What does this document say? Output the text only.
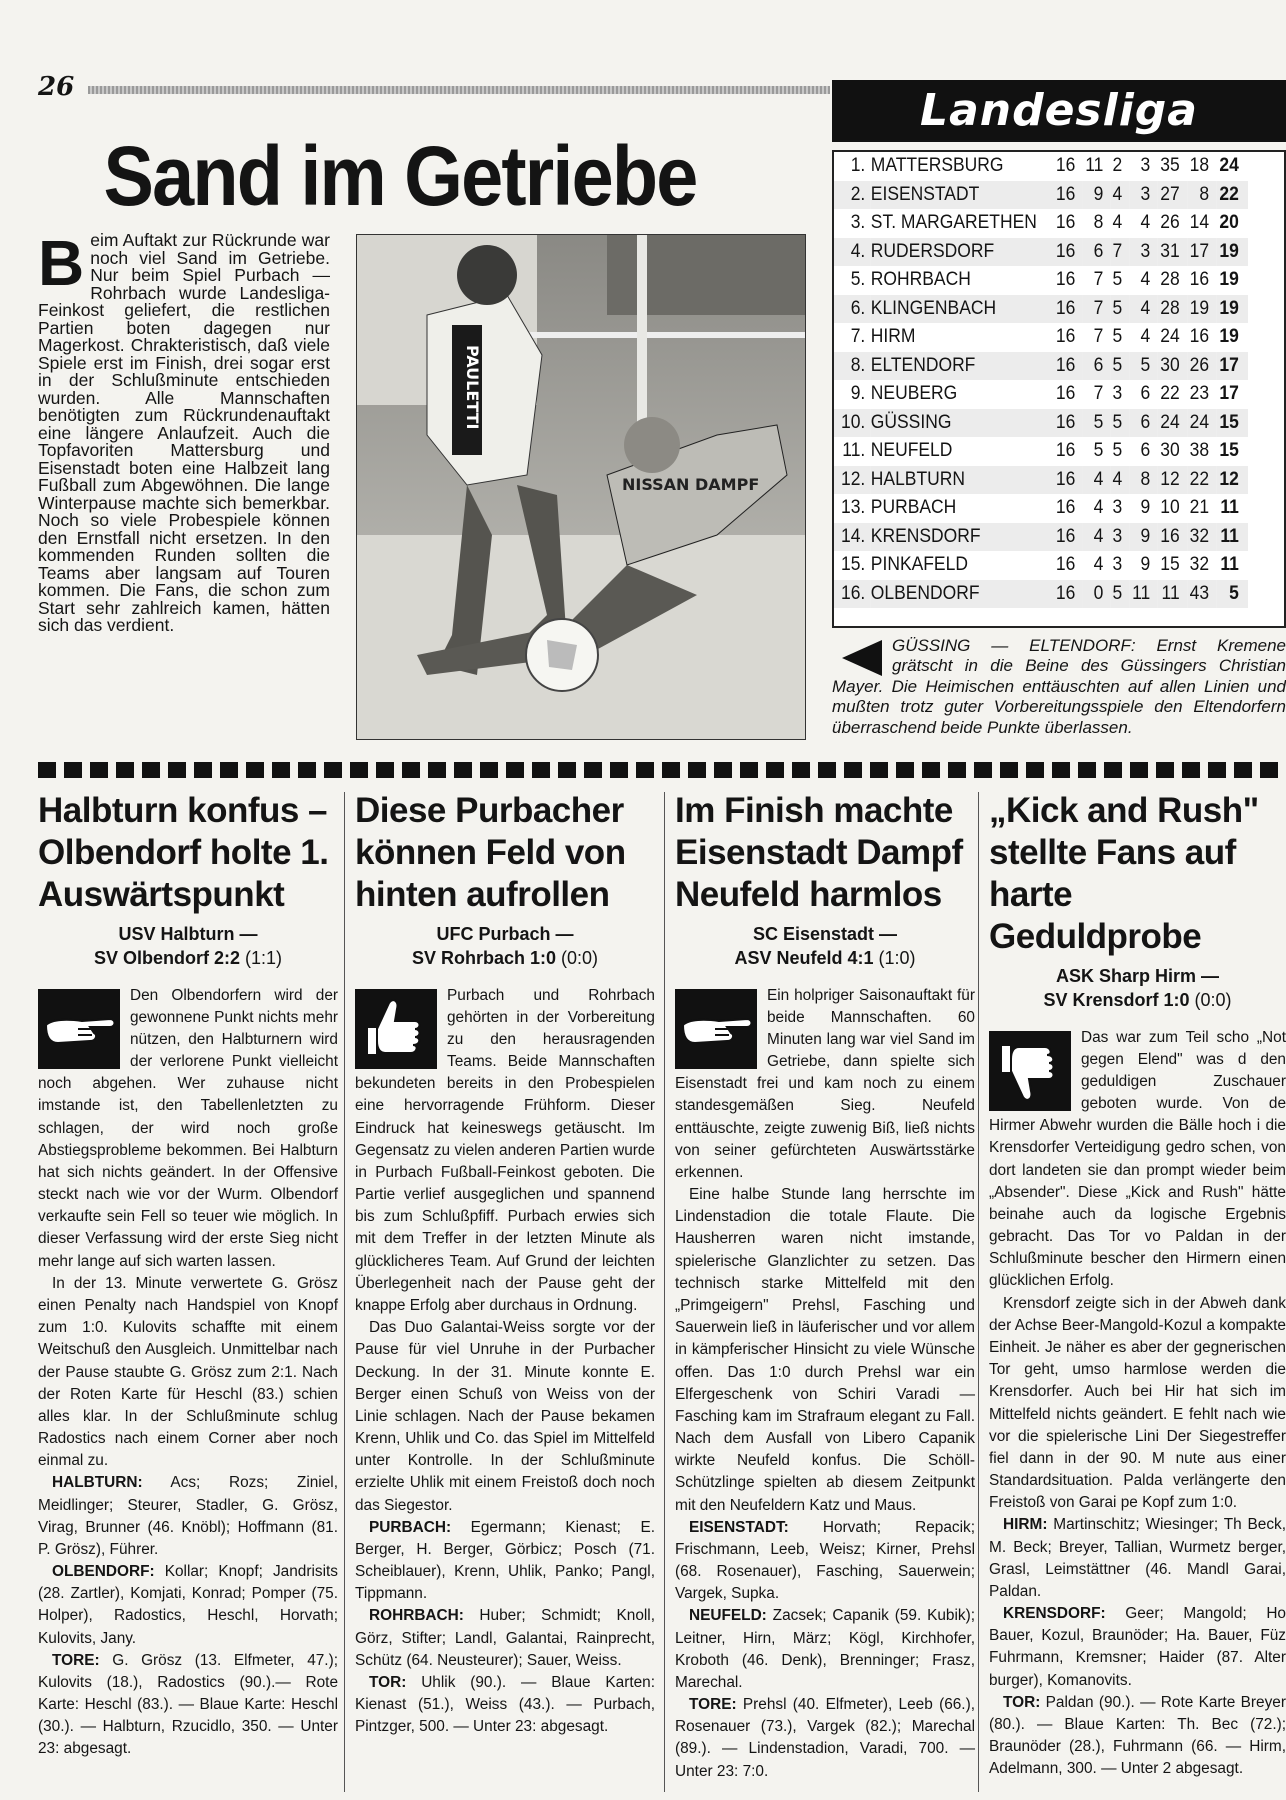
26	Landesliga
Sand im Getriebe

Beim Auftakt zur Rückrunde war noch viel Sand im Getriebe. Nur beim Spiel Purbach — Rohrbach wurde Landesliga-Feinkost geliefert, die restlichen Partien boten dagegen nur Magerkost. Chrakteristisch, daß viele Spiele erst im Finish, drei sogar erst in der Schlußminute entschieden wurden. Alle Mannschaften benötigten zum Rückrundenauftakt eine längere Anlaufzeit. Auch die Topfavoriten Mattersburg und Eisenstadt boten eine Halbzeit lang Fußball zum Abgewöhnen. Die lange Winterpause machte sich bemerkbar. Noch so viele Probespiele können den Ernstfall nicht ersetzen. In den kommenden Runden sollten die Teams aber langsam auf Touren kommen. Die Fans, die schon zum Start sehr zahlreich kamen, hätten sich das verdient.

PAULETTI
NISSAN DAMPF
1.	MATTERSBURG	16	11	2	3	35	18	24
2.	EISENSTADT	16	9	4	3	27	8	22
3.	ST. MARGARETHEN	16	8	4	4	26	14	20
4.	RUDERSDORF	16	6	7	3	31	17	19
5.	ROHRBACH	16	7	5	4	28	16	19
6.	KLINGENBACH	16	7	5	4	28	19	19
7.	HIRM	16	7	5	4	24	16	19
8.	ELTENDORF	16	6	5	5	30	26	17
9.	NEUBERG	16	7	3	6	22	23	17
10.	GÜSSING	16	5	5	6	24	24	15
11.	NEUFELD	16	5	5	6	30	38	15
12.	HALBTURN	16	4	4	8	12	22	12
13.	PURBACH	16	4	3	9	10	21	11
14.	KRENSDORF	16	4	3	9	16	32	11
15.	PINKAFELD	16	4	3	9	15	32	11
16.	OLBENDORF	16	0	5	11	11	43	5
GÜSSING — ELTENDORF: Ernst Kremene grätscht in die Beine des Güssingers Christian Mayer. Die Heimischen enttäuschten auf allen Linien und mußten trotz guter Vorbereitungsspiele den Eltendorfern überraschend beide Punkte überlassen.
Halbturn konfus – Olbendorf holte 1. Auswärtspunkt
USV Halbturn —
SV Olbendorf 2:2 (1:1)

Den Olbendorfern wird der gewonnene Punkt nichts mehr nützen, den Halbturnern wird der verlorene Punkt vielleicht noch abgehen. Wer zuhause nicht imstande ist, den Tabellenletzten zu schlagen, der wird noch große Abstiegsprobleme bekommen. Bei Halbturn hat sich nichts geändert. In der Offensive steckt nach wie vor der Wurm. Olbendorf verkaufte sein Fell so teuer wie möglich. In dieser Verfassung wird der erste Sieg nicht mehr lange auf sich warten lassen.

In der 13. Minute verwertete G. Grösz einen Penalty nach Handspiel von Knopf zum 1:0. Kulovits schaffte mit einem Weitschuß den Ausgleich. Unmittelbar nach der Pause staubte G. Grösz zum 2:1. Nach der Roten Karte für Heschl (83.) schien alles klar. In der Schlußminute schlug Radostics nach einem Corner aber noch einmal zu.

HALBTURN: Acs; Rozs; Ziniel, Meidlinger; Steurer, Stadler, G. Grösz, Virag, Brunner (46. Knöbl); Hoffmann (81. P. Grösz), Führer.

OLBENDORF: Kollar; Knopf; Jandrisits (28. Zartler), Komjati, Konrad; Pomper (75. Holper), Radostics, Heschl, Horvath; Kulovits, Jany.

TORE: G. Grösz (13. Elfmeter, 47.); Kulovits (18.), Radostics (90.).— Rote Karte: Heschl (83.). — Blaue Karte: Heschl (30.). — Halbturn, Rzucidlo, 350. — Unter 23: abgesagt.

Diese Purbacher können Feld von hinten aufrollen
UFC Purbach —
SV Rohrbach 1:0 (0:0)

Purbach und Rohrbach gehörten in der Vorbereitung zu den herausragenden Teams. Beide Mannschaften bekundeten bereits in den Probespielen eine hervorragende Frühform. Dieser Eindruck hat keineswegs getäuscht. Im Gegensatz zu vielen anderen Partien wurde in Purbach Fußball-Feinkost geboten. Die Partie verlief ausgeglichen und spannend bis zum Schlußpfiff. Purbach erwies sich mit dem Treffer in der letzten Minute als glücklicheres Team. Auf Grund der leichten Überlegenheit nach der Pause geht der knappe Erfolg aber durchaus in Ordnung.

Das Duo Galantai-Weiss sorgte vor der Pause für viel Unruhe in der Purbacher Deckung. In der 31. Minute konnte E. Berger einen Schuß von Weiss von der Linie schlagen. Nach der Pause bekamen Krenn, Uhlik und Co. das Spiel im Mittelfeld unter Kontrolle. In der Schlußminute erzielte Uhlik mit einem Freistoß doch noch das Siegestor.

PURBACH: Egermann; Kienast; E. Berger, H. Berger, Görbicz; Posch (71. Scheiblauer), Krenn, Uhlik, Panko; Pangl, Tippmann.

ROHRBACH: Huber; Schmidt; Knoll, Görz, Stifter; Landl, Galantai, Rainprecht, Schütz (64. Neusteurer); Sauer, Weiss.

TOR: Uhlik (90.). — Blaue Karten: Kienast (51.), Weiss (43.). — Purbach, Pintzger, 500. — Unter 23: abgesagt.

Im Finish machte Eisenstadt Dampf Neufeld harmlos
SC Eisenstadt —
ASV Neufeld 4:1 (1:0)

Ein holpriger Saisonauftakt für beide Mannschaften. 60 Minuten lang war viel Sand im Getriebe, dann spielte sich Eisenstadt frei und kam noch zu einem standesgemäßen Sieg. Neufeld enttäuschte, zeigte zuwenig Biß, ließ nichts von seiner gefürchteten Auswärtsstärke erkennen.

Eine halbe Stunde lang herrschte im Lindenstadion die totale Flaute. Die Hausherren waren nicht imstande, spielerische Glanzlichter zu setzen. Das technisch starke Mittelfeld mit den „Primgeigern" Prehsl, Fasching und Sauerwein ließ in läuferischer und vor allem in kämpferischer Hinsicht zu viele Wünsche offen. Das 1:0 durch Prehsl war ein Elfergeschenk von Schiri Varadi — Fasching kam im Strafraum elegant zu Fall. Nach dem Ausfall von Libero Capanik wirkte Neufeld konfus. Die Schöll-Schützlinge spielten ab diesem Zeitpunkt mit den Neufeldern Katz und Maus.

EISENSTADT: Horvath; Repacik; Frischmann, Leeb, Weisz; Kirner, Prehsl (68. Rosenauer), Fasching, Sauerwein; Vargek, Supka.

NEUFELD: Zacsek; Capanik (59. Kubik); Leitner, Hirn, März; Kögl, Kirchhofer, Kroboth (46. Denk), Brenninger; Frasz, Marechal.

TORE: Prehsl (40. Elfmeter), Leeb (66.), Rosenauer (73.), Vargek (82.); Marechal (89.). — Lindenstadion, Varadi, 700. — Unter 23: 7:0.

„Kick and Rush" stellte Fans auf harte Geduldprobe
ASK Sharp Hirm —
SV Krensdorf 1:0 (0:0)

Das war zum Teil scho „Not gegen Elend" was d den geduldigen Zuschauer geboten wurde. Von de Hirmer Abwehr wurden die Bälle hoch i die Krensdorfer Verteidigung gedro schen, von dort landeten sie dan prompt wieder beim „Absender". Diese „Kick and Rush" hätte beinahe auch da logische Ergebnis gebracht. Das Tor vo Paldan in der Schlußminute bescher den Hirmern einen glücklichen Erfolg.

Krensdorf zeigte sich in der Abweh dank der Achse Beer-Mangold-Kozul a kompakte Einheit. Je näher es aber der gegnerischen Tor geht, umso harmlose werden die Krensdorfer. Auch bei Hir hat sich im Mittelfeld nichts geändert. E fehlt nach wie vor die spielerische Lini Der Siegestreffer fiel dann in der 90. M nute aus einer Standardsituation. Palda verlängerte den Freistoß von Garai pe Kopf zum 1:0.

HIRM: Martinschitz; Wiesinger; Th Beck, M. Beck; Breyer, Tallian, Wurmetz berger, Grasl, Leimstättner (46. Mandl Garai, Paldan.

KRENSDORF: Geer; Mangold; Ho Bauer, Kozul, Braunöder; Ha. Bauer, Füz Fuhrmann, Kremsner; Haider (87. Alter burger), Komanovits.

TOR: Paldan (90.). — Rote Karte Breyer (80.). — Blaue Karten: Th. Bec (72.); Braunöder (28.), Fuhrmann (66. — Hirm, Adelmann, 300. — Unter 2 abgesagt.
